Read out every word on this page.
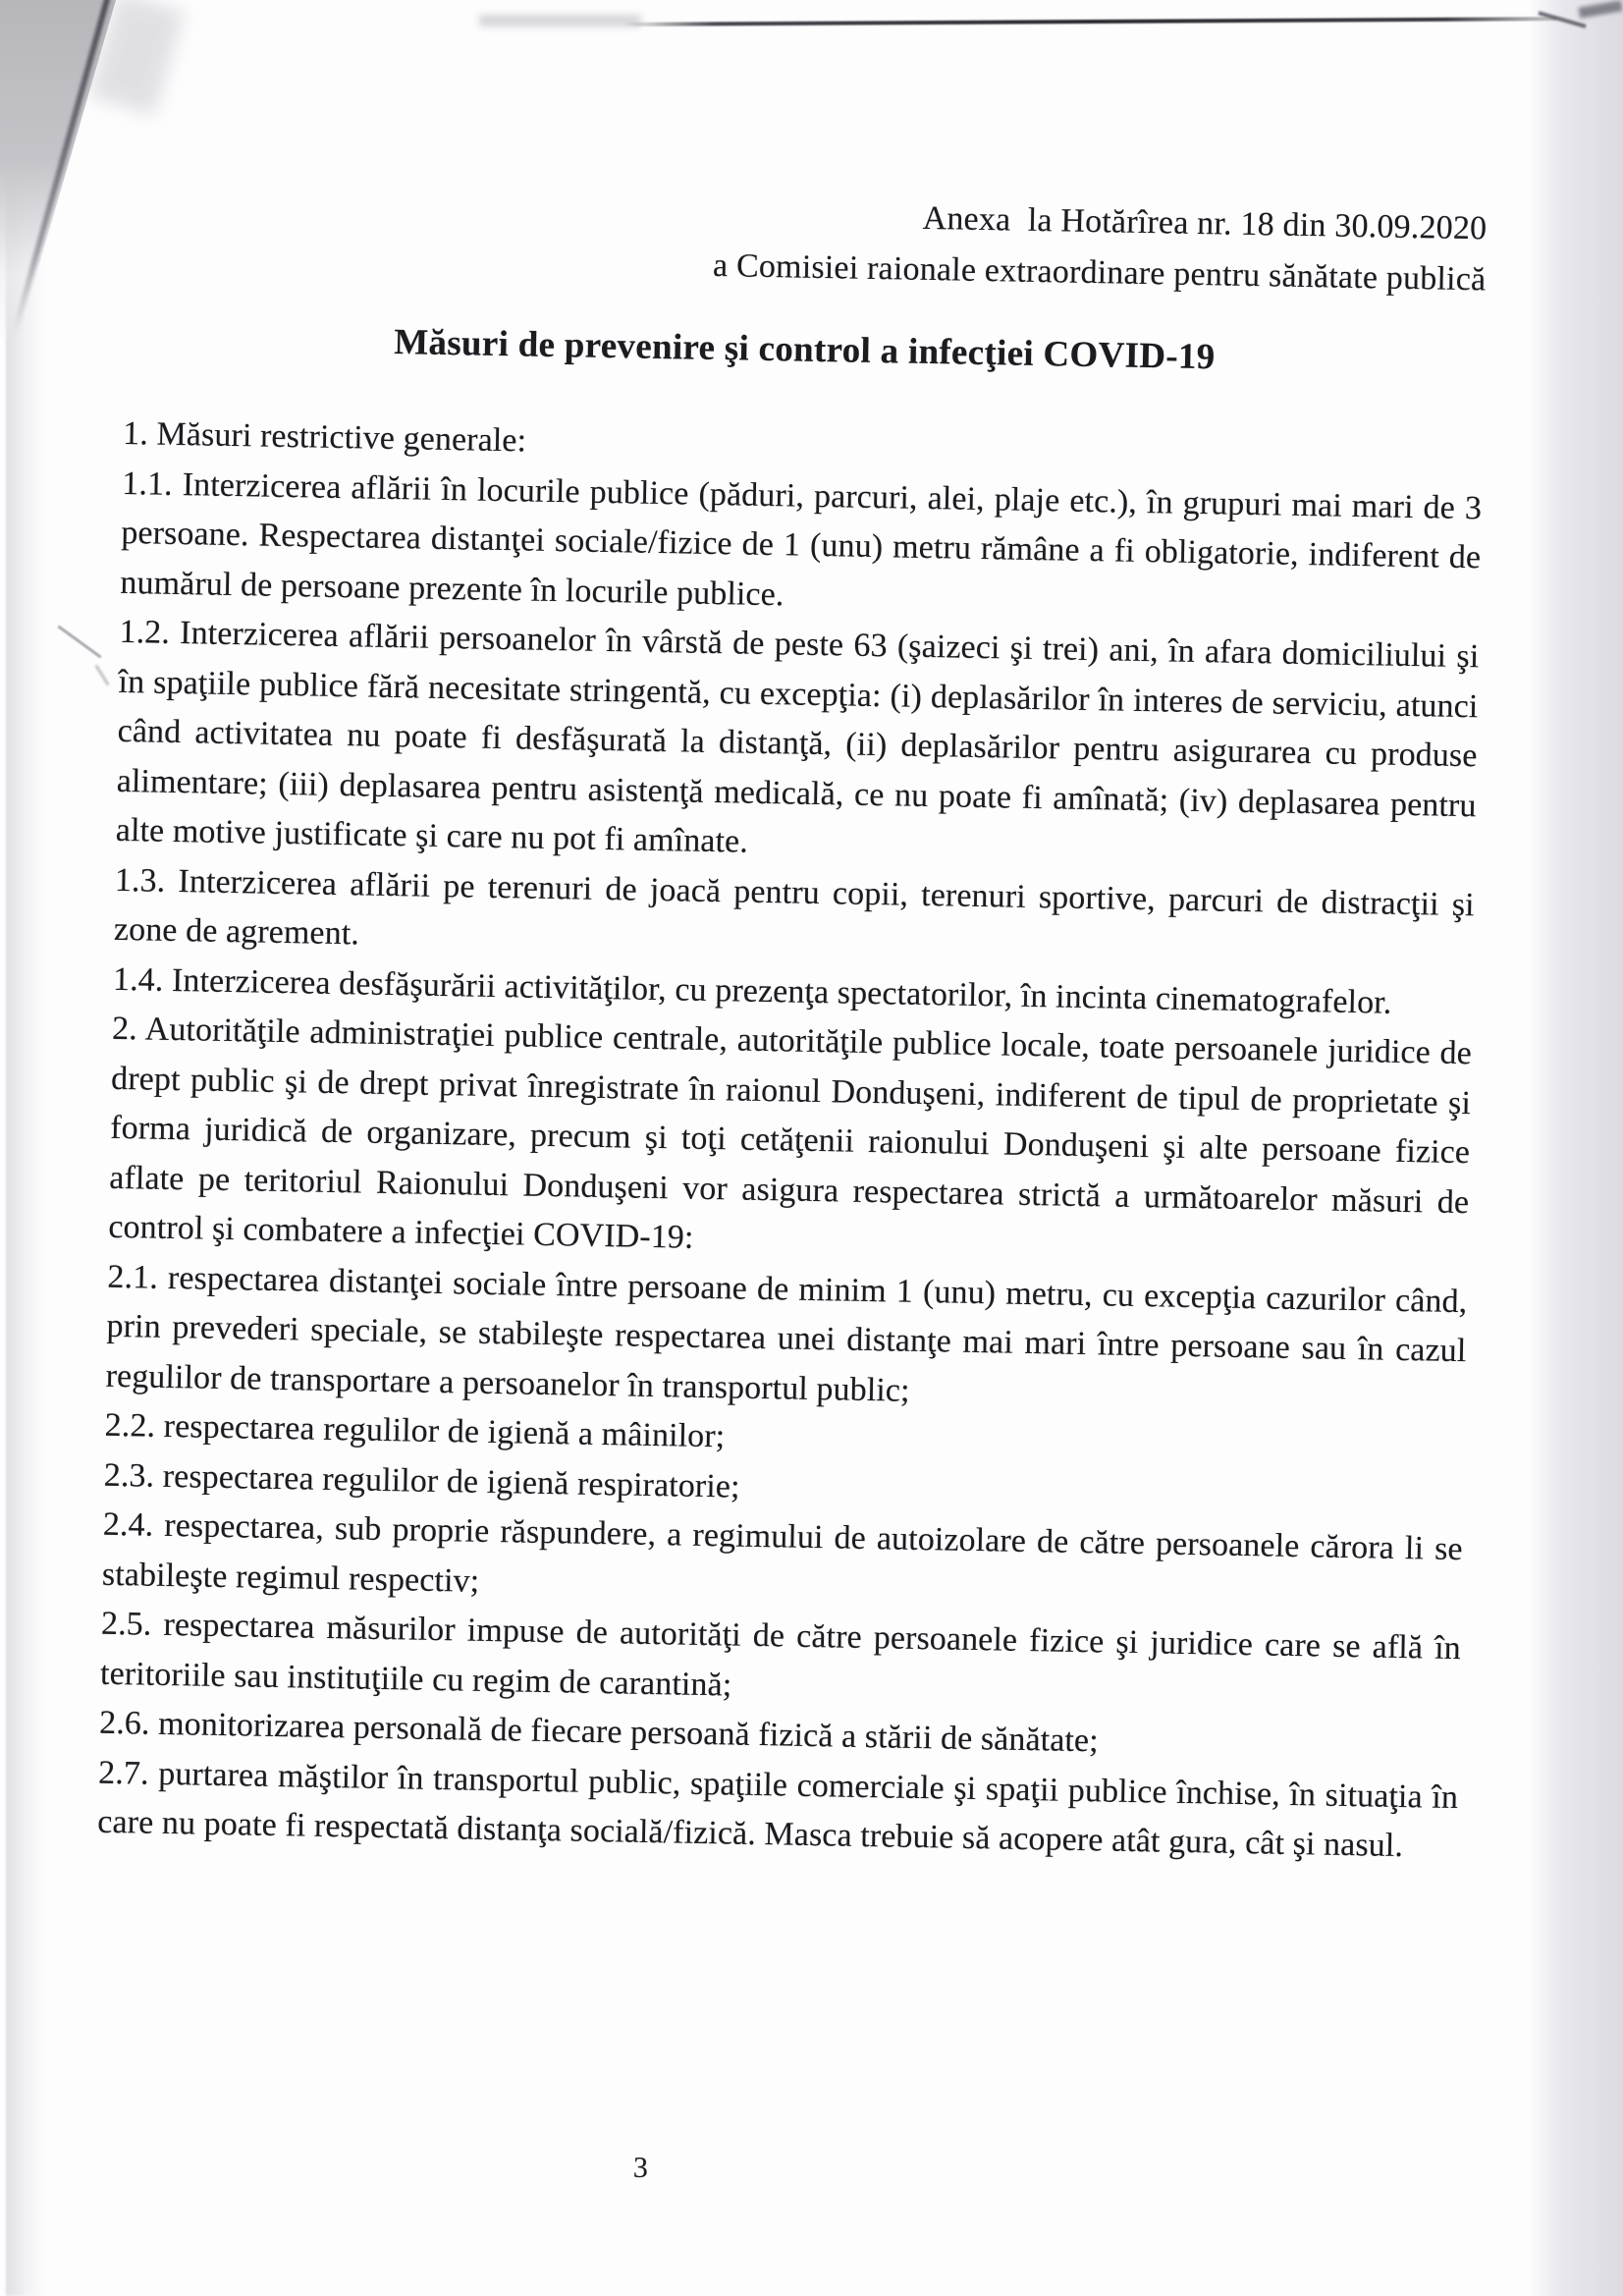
Anexa  la Hotărîrea nr. 18 din 30.09.2020
a Comisiei raionale extraordinare pentru sănătate publică
Măsuri de prevenire şi control a infecţiei COVID-19

1. Măsuri restrictive generale:

1.1. Interzicerea aflării în locurile publice (păduri, parcuri, alei, plaje etc.), în grupuri mai mari de 3 persoane. Respectarea distanţei sociale/fizice de 1 (unu) metru rămâne a fi obligatorie, indiferent de numărul de persoane prezente în locurile publice.

1.2. Interzicerea aflării persoanelor în vârstă de peste 63 (şaizeci şi trei) ani, în afara domiciliului şi în spaţiile publice fără necesitate stringentă, cu excepţia: (i) deplasărilor în interes de serviciu, atunci când activitatea nu poate fi desfăşurată la distanţă, (ii) deplasărilor pentru asigurarea cu produse alimentare; (iii) deplasarea pentru asistenţă medicală, ce nu poate fi amînată; (iv) deplasarea pentru alte motive justificate şi care nu pot fi amînate.

1.3. Interzicerea aflării pe terenuri de joacă pentru copii, terenuri sportive, parcuri de distracţii şi zone de agrement.

1.4. Interzicerea desfăşurării activităţilor, cu prezenţa spectatorilor, în incinta cinematografelor.

2. Autorităţile administraţiei publice centrale, autorităţile publice locale, toate persoanele juridice de drept public şi de drept privat înregistrate în raionul Donduşeni, indiferent de tipul de proprietate şi forma juridică de organizare, precum şi toţi cetăţenii raionului Donduşeni şi alte persoane fizice aflate pe teritoriul Raionului Donduşeni vor asigura respectarea strictă a următoarelor măsuri de control şi combatere a infecţiei COVID-19:

2.1. respectarea distanţei sociale între persoane de minim 1 (unu) metru, cu excepţia cazurilor când, prin prevederi speciale, se stabileşte respectarea unei distanţe mai mari între persoane sau în cazul regulilor de transportare a persoanelor în transportul public;

2.2. respectarea regulilor de igienă a mâinilor;

2.3. respectarea regulilor de igienă respiratorie;

2.4. respectarea, sub proprie răspundere, a regimului de autoizolare de către persoanele cărora li se stabileşte regimul respectiv;

2.5. respectarea măsurilor impuse de autorităţi de către persoanele fizice şi juridice care se află în teritoriile sau instituţiile cu regim de carantină;

2.6. monitorizarea personală de fiecare persoană fizică a stării de sănătate;

2.7. purtarea măştilor în transportul public, spaţiile comerciale şi spaţii publice închise, în situaţia în care nu poate fi respectată distanţa socială/fizică. Masca trebuie să acopere atât gura, cât şi nasul.

3
